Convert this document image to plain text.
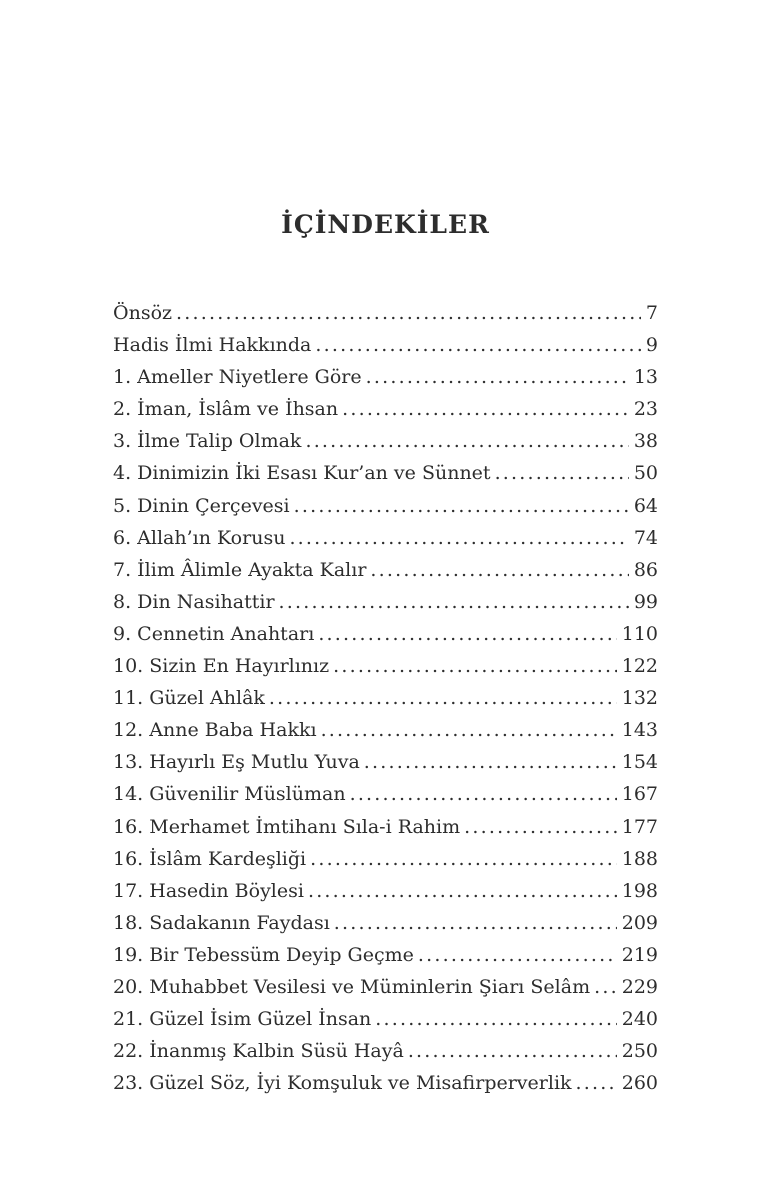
İÇİNDEKİLER
Önsöz .....	7
Hadis İlmi Hakkında .....	9
1. Ameller Niyetlere Göre .....	13
2. İman, İslâm ve İhsan .....	23
3. İlme Talip Olmak .....	38
4. Dinimizin İki Esası Kur’an ve Sünnet .....	50
5. Dinin Çerçevesi .....	64
6. Allah’ın Korusu .....	74
7. İlim Âlimle Ayakta Kalır .....	86
8. Din Nasihattir .....	99
9. Cennetin Anahtarı .....	110
10. Sizin En Hayırlınız .....	122
11. Güzel Ahlâk .....	132
12. Anne Baba Hakkı .....	143
13. Hayırlı Eş Mutlu Yuva .....	154
14. Güvenilir Müslüman .....	167
16. Merhamet İmtihanı Sıla-i Rahim .....	177
16. İslâm Kardeşliği .....	188
17. Hasedin Böylesi .....	198
18. Sadakanın Faydası .....	209
19. Bir Tebessüm Deyip Geçme .....	219
20. Muhabbet Vesilesi ve Müminlerin Şiarı Selâm ..... 229
21. Güzel İsim Güzel İnsan .....	240
22. İnanmış Kalbin Süsü Hayâ .....	250
23. Güzel Söz, İyi Komşuluk ve Misafirperverlik .....	260
